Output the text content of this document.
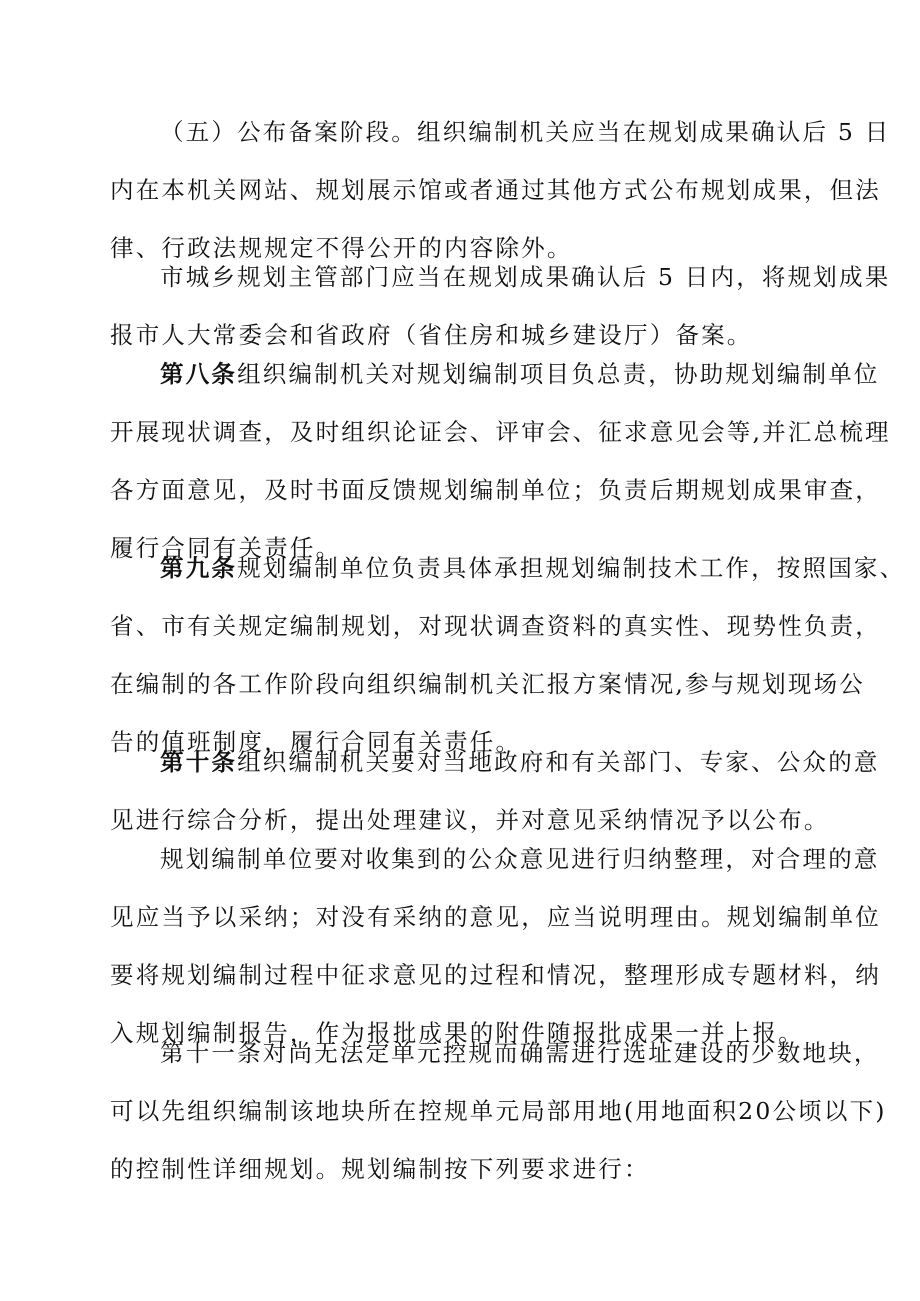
（五）公布备案阶段。组织编制机关应当在规划成果确认后 5 日
内在本机关网站、规划展示馆或者通过其他方式公布规划成果，但法
律、行政法规规定不得公开的内容除外。
市城乡规划主管部门应当在规划成果确认后 5 日内，将规划成果
报市人大常委会和省政府（省住房和城乡建设厅）备案。
第八条组织编制机关对规划编制项目负总责，协助规划编制单位
开展现状调查，及时组织论证会、评审会、征求意见会等,并汇总梳理
各方面意见，及时书面反馈规划编制单位；负责后期规划成果审查，
履行合同有关责任。
第九条规划编制单位负责具体承担规划编制技术工作，按照国家、
省、市有关规定编制规划，对现状调查资料的真实性、现势性负责，
在编制的各工作阶段向组织编制机关汇报方案情况,参与规划现场公
告的值班制度，履行合同有关责任。
第十条组织编制机关要对当地政府和有关部门、专家、公众的意
见进行综合分析，提出处理建议，并对意见采纳情况予以公布。
规划编制单位要对收集到的公众意见进行归纳整理，对合理的意
见应当予以采纳；对没有采纳的意见，应当说明理由。规划编制单位
要将规划编制过程中征求意见的过程和情况，整理形成专题材料，纳
入规划编制报告，作为报批成果的附件随报批成果一并上报。
第十一条对尚无法定单元控规而确需进行选址建设的少数地块，
可以先组织编制该地块所在控规单元局部用地(用地面积20公顷以下)
的控制性详细规划。规划编制按下列要求进行：
